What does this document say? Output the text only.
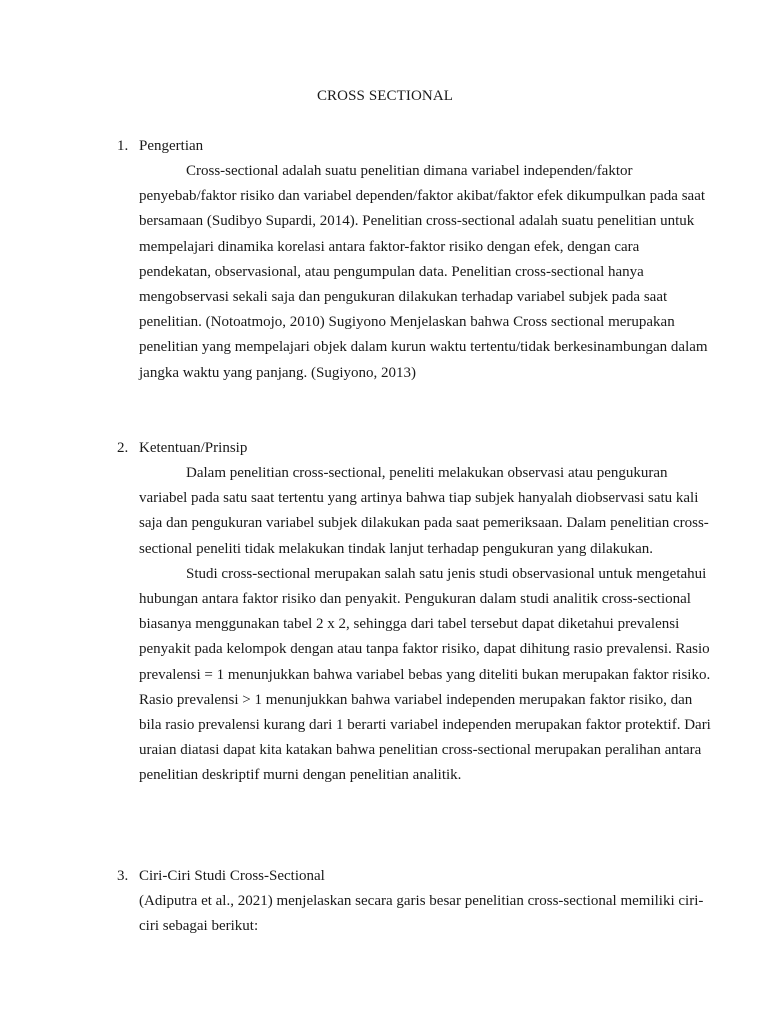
CROSS SECTIONAL
1. Pengertian

Cross-sectional adalah suatu penelitian dimana variabel independen/faktor penyebab/faktor risiko dan variabel dependen/faktor akibat/faktor efek dikumpulkan pada saat bersamaan (Sudibyo Supardi, 2014). Penelitian cross-sectional adalah suatu penelitian untuk mempelajari dinamika korelasi antara faktor-faktor risiko dengan efek, dengan cara pendekatan, observasional, atau pengumpulan data. Penelitian cross-sectional hanya mengobservasi sekali saja dan pengukuran dilakukan terhadap variabel subjek pada saat penelitian. (Notoatmojo, 2010) Sugiyono Menjelaskan bahwa Cross sectional merupakan penelitian yang mempelajari objek dalam kurun waktu tertentu/tidak berkesinambungan dalam jangka waktu yang panjang. (Sugiyono, 2013)

2. Ketentuan/Prinsip

Dalam penelitian cross-sectional, peneliti melakukan observasi atau pengukuran variabel pada satu saat tertentu yang artinya bahwa tiap subjek hanyalah diobservasi satu kali saja dan pengukuran variabel subjek dilakukan pada saat pemeriksaan. Dalam penelitian cross-sectional peneliti tidak melakukan tindak lanjut terhadap pengukuran yang dilakukan.

Studi cross-sectional merupakan salah satu jenis studi observasional untuk mengetahui hubungan antara faktor risiko dan penyakit. Pengukuran dalam studi analitik cross-sectional biasanya menggunakan tabel 2 x 2, sehingga dari tabel tersebut dapat diketahui prevalensi penyakit pada kelompok dengan atau tanpa faktor risiko, dapat dihitung rasio prevalensi. Rasio prevalensi = 1 menunjukkan bahwa variabel bebas yang diteliti bukan merupakan faktor risiko. Rasio prevalensi > 1 menunjukkan bahwa variabel independen merupakan faktor risiko, dan bila rasio prevalensi kurang dari 1 berarti variabel independen merupakan faktor protektif. Dari uraian diatasi dapat kita katakan bahwa penelitian cross-sectional merupakan peralihan antara penelitian deskriptif murni dengan penelitian analitik.

3. Ciri-Ciri Studi Cross-Sectional

(Adiputra et al., 2021) menjelaskan secara garis besar penelitian cross-sectional memiliki ciri-ciri sebagai berikut:
